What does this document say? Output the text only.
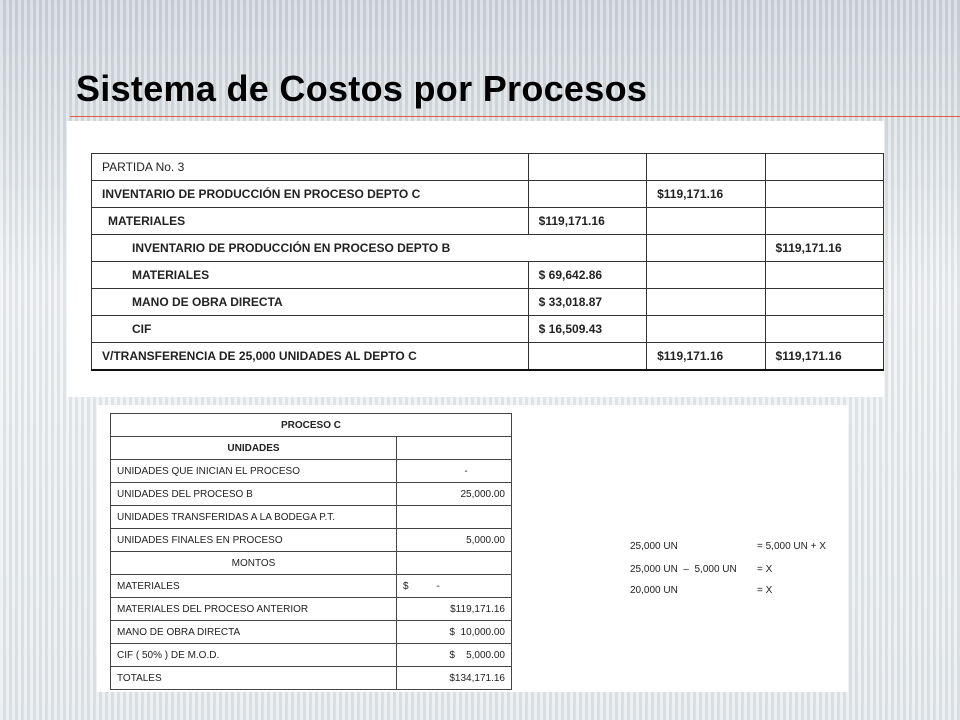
Sistema de Costos por Procesos
PARTIDA No. 3			
INVENTARIO DE PRODUCCIÓN EN PROCESO DEPTO C		$119,171.16	
MATERIALES	$119,171.16		
INVENTARIO DE PRODUCCIÓN EN PROCESO DEPTO B			$119,171.16
MATERIALES	$ 69,642.86		
MANO DE OBRA DIRECTA	$ 33,018.87		
CIF	$ 16,509.43		
V/TRANSFERENCIA DE 25,000 UNIDADES AL DEPTO C		$119,171.16	$119,171.16
PROCESO C	
UNIDADES	
UNIDADES QUE INICIAN EL PROCESO	-
UNIDADES DEL PROCESO B	25,000.00
UNIDADES TRANSFERIDAS A LA BODEGA P.T.	
UNIDADES FINALES EN PROCESO	5,000.00
MONTOS	
MATERIALES	$          -
MATERIALES DEL PROCESO ANTERIOR	$119,171.16
MANO DE OBRA DIRECTA	$  10,000.00
CIF ( 50% ) DE M.O.D.	$    5,000.00
TOTALES	$134,171.16
25,000 UN	= 5,000 UN + X
25,000 UN  –  5,000 UN = X
20,000 UN	= X
